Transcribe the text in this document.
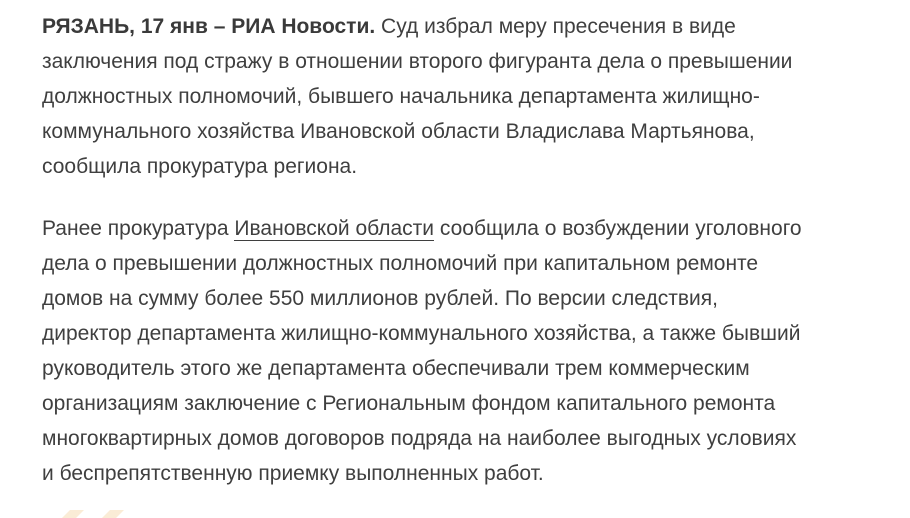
РЯЗАНЬ, 17 янв – РИА Новости. Суд избрал меру пресечения в виде
заключения под стражу в отношении второго фигуранта дела о превышении
должностных полномочий, бывшего начальника департамента жилищно-
коммунального хозяйства Ивановской области Владислава Мартьянова,
сообщила прокуратура региона.

Ранее прокуратура Ивановской области сообщила о возбуждении уголовного
дела о превышении должностных полномочий при капитальном ремонте
домов на сумму более 550 миллионов рублей. По версии следствия,
директор департамента жилищно-коммунального хозяйства, а также бывший
руководитель этого же департамента обеспечивали трем коммерческим
организациям заключение с Региональным фондом капитального ремонта
многоквартирных домов договоров подряда на наиболее выгодных условиях
и беспрепятственную приемку выполненных работ.
